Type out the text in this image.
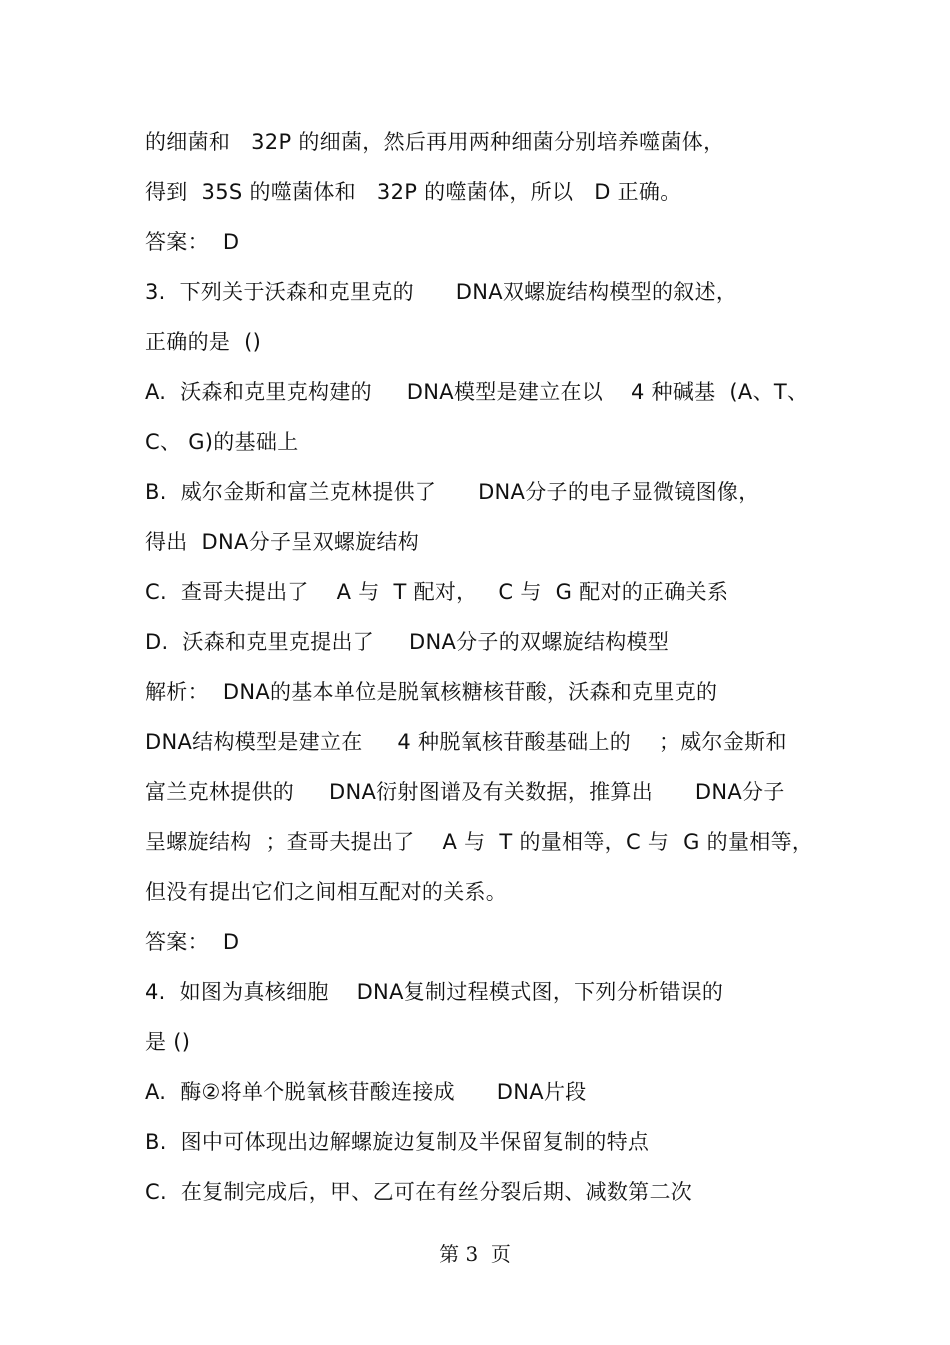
的细菌和   32P 的细菌，然后再用两种细菌分别培养噬菌体，
得到  35S 的噬菌体和   32P 的噬菌体，所以   D 正确。
答案：  D
3.  下列关于沃森和克里克的      DNA双螺旋结构模型的叙述，
正确的是  ()
A.  沃森和克里克构建的     DNA模型是建立在以    4 种碱基  (A、T、
C、 G)的基础上
B.  威尔金斯和富兰克林提供了      DNA分子的电子显微镜图像，
得出  DNA分子呈双螺旋结构
C.  查哥夫提出了    A 与  T 配对，   C 与  G 配对的正确关系
D.  沃森和克里克提出了     DNA分子的双螺旋结构模型
解析：  DNA的基本单位是脱氧核糖核苷酸，沃森和克里克的
DNA结构模型是建立在     4 种脱氧核苷酸基础上的    ；威尔金斯和
富兰克林提供的     DNA衍射图谱及有关数据，推算出      DNA分子
呈螺旋结构  ；查哥夫提出了    A 与  T 的量相等，C 与  G 的量相等，
但没有提出它们之间相互配对的关系。
答案：  D
4.  如图为真核细胞    DNA复制过程模式图，下列分析错误的
是 ()
A.  酶②将单个脱氧核苷酸连接成      DNA片段
B.  图中可体现出边解螺旋边复制及半保留复制的特点
C.  在复制完成后，甲、乙可在有丝分裂后期、减数第二次
第 3  页
